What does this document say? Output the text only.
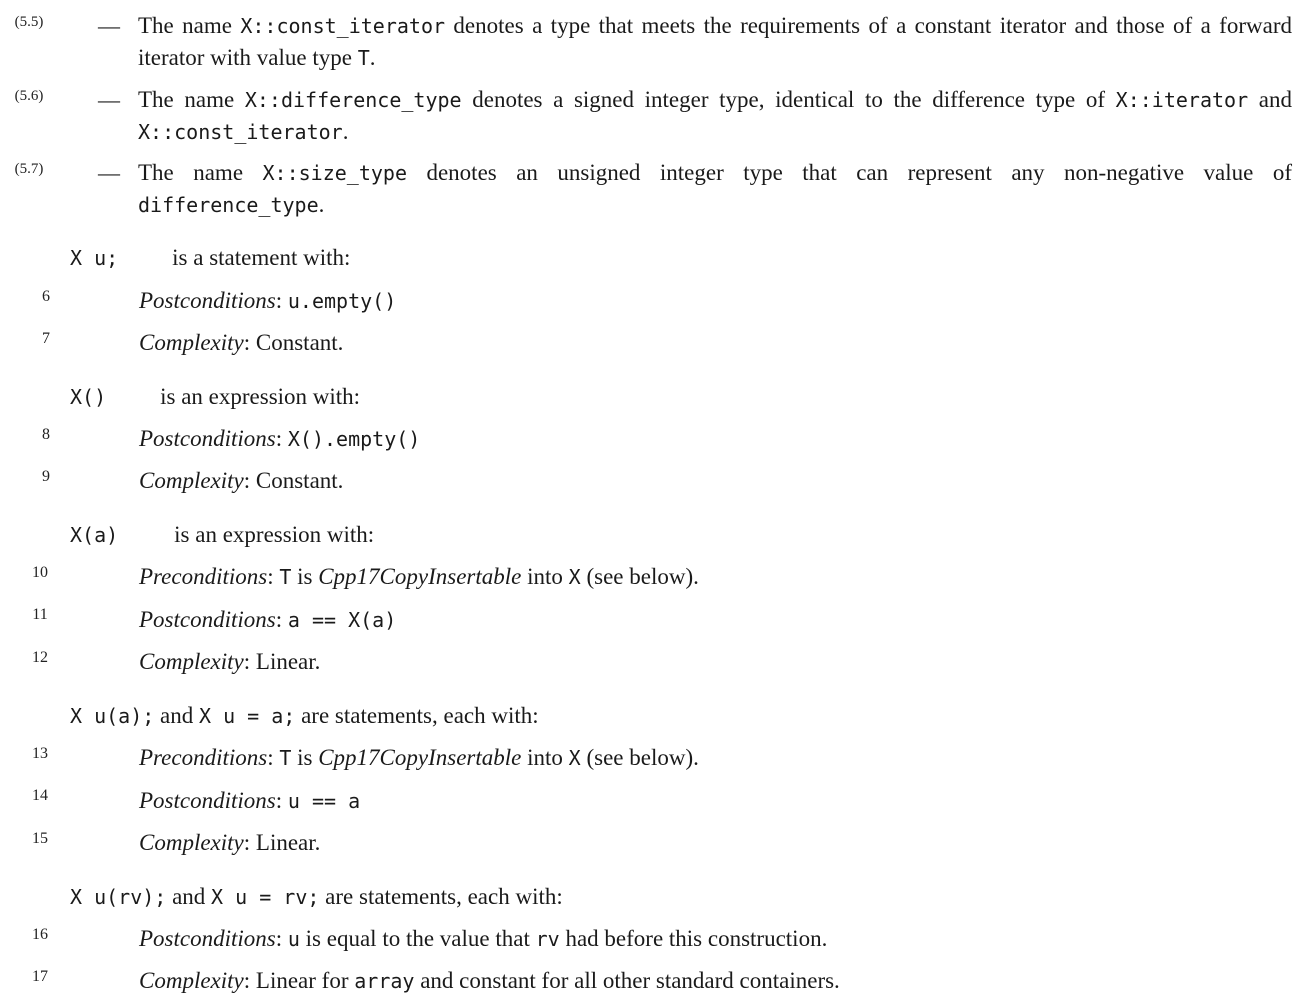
(5.5)	— The name X::const_iterator denotes a type that meets the requirements of a constant iterator and those of a forward iterator with value type T.
(5.6)	— The name X::difference_type denotes a signed integer type, identical to the difference type of X::iterator and X::const_iterator.
(5.7)	— The name X::size_type denotes an unsigned integer type that can represent any non-negative value of difference_type.
X u; is a statement with:
6	Postconditions: u.empty()
7	Complexity: Constant.
X() is an expression with:
8	Postconditions: X().empty()
9	Complexity: Constant.
X(a) is an expression with:
10	Preconditions: T is Cpp17CopyInsertable into X (see below).
11	Postconditions: a == X(a)
12	Complexity: Linear.
X u(a); and X u = a; are statements, each with:
13	Preconditions: T is Cpp17CopyInsertable into X (see below).
14	Postconditions: u == a
15	Complexity: Linear.
X u(rv); and X u = rv; are statements, each with:
16	Postconditions: u is equal to the value that rv had before this construction.
17	Complexity: Linear for array and constant for all other standard containers.
